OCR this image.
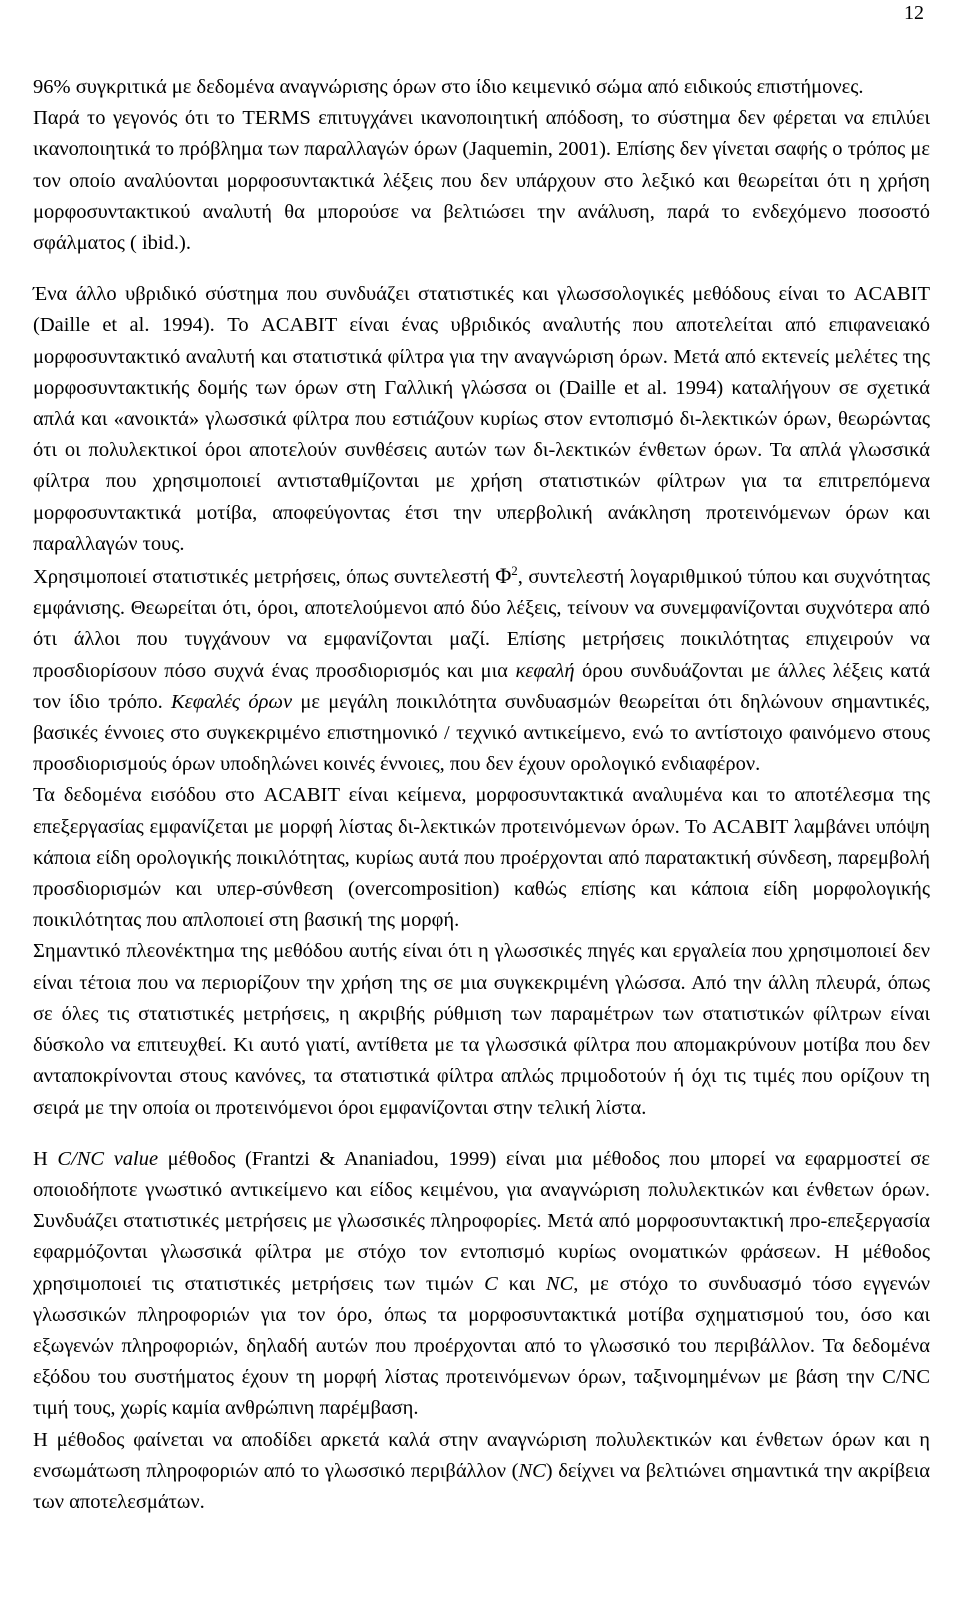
12

96% συγκριτικά με δεδομένα αναγνώρισης όρων στο ίδιο κειμενικό σώμα από ειδικούς επιστήμονες.

Παρά το γεγονός ότι το TERMS επιτυγχάνει ικανοποιητική απόδοση, το σύστημα δεν φέρεται να επιλύει ικανοποιητικά το πρόβλημα των παραλλαγών όρων (Jaquemin, 2001). Επίσης δεν γίνεται σαφής ο τρόπος με τον οποίο αναλύονται μορφοσυντακτικά λέξεις που δεν υπάρχουν στο λεξικό και θεωρείται ότι η χρήση μορφοσυντακτικού αναλυτή θα μπορούσε να βελτιώσει την ανάλυση, παρά το ενδεχόμενο ποσοστό σφάλματος ( ibid.).

Ένα άλλο υβριδικό σύστημα που συνδυάζει στατιστικές και γλωσσολογικές μεθόδους είναι το ACABIT (Daille et al. 1994). Το ACABIT είναι ένας υβριδικός αναλυτής που αποτελείται από επιφανειακό μορφοσυντακτικό αναλυτή και στατιστικά φίλτρα για την αναγνώριση όρων. Μετά από εκτενείς μελέτες της μορφοσυντακτικής δομής των όρων στη Γαλλική γλώσσα οι (Daille et al. 1994) καταλήγουν σε σχετικά απλά και «ανοικτά» γλωσσικά φίλτρα που εστιάζουν κυρίως στον εντοπισμό δι-λεκτικών όρων, θεωρώντας ότι οι πολυλεκτικοί όροι αποτελούν συνθέσεις αυτών των δι-λεκτικών ένθετων όρων. Τα απλά γλωσσικά φίλτρα που χρησιμοποιεί αντισταθμίζονται με χρήση στατιστικών φίλτρων για τα επιτρεπόμενα μορφοσυντακτικά μοτίβα, αποφεύγοντας έτσι την υπερβολική ανάκληση προτεινόμενων όρων και παραλλαγών τους.

Χρησιμοποιεί στατιστικές μετρήσεις, όπως συντελεστή $\Phi^2$, συντελεστή λογαριθμικού τύπου και συχνότητας εμφάνισης. Θεωρείται ότι, όροι, αποτελούμενοι από δύο λέξεις, τείνουν να συνεμφανίζονται συχνότερα από ότι άλλοι που τυγχάνουν να εμφανίζονται μαζί. Επίσης μετρήσεις ποικιλότητας επιχειρούν να προσδιορίσουν πόσο συχνά ένας προσδιορισμός και μια κεφαλή όρου συνδυάζονται με άλλες λέξεις κατά τον ίδιο τρόπο. Κεφαλές όρων με μεγάλη ποικιλότητα συνδυασμών θεωρείται ότι δηλώνουν σημαντικές, βασικές έννοιες στο συγκεκριμένο επιστημονικό / τεχνικό αντικείμενο, ενώ το αντίστοιχο φαινόμενο στους προσδιορισμούς όρων υποδηλώνει κοινές έννοιες, που δεν έχουν ορολογικό ενδιαφέρον.

Τα δεδομένα εισόδου στο ACABIT είναι κείμενα, μορφοσυντακτικά αναλυμένα και το αποτέλεσμα της επεξεργασίας εμφανίζεται με μορφή λίστας δι-λεκτικών προτεινόμενων όρων. Το ACABIT λαμβάνει υπόψη κάποια είδη ορολογικής ποικιλότητας, κυρίως αυτά που προέρχονται από παρατακτική σύνδεση, παρεμβολή προσδιορισμών και υπερ-σύνθεση (overcomposition) καθώς επίσης και κάποια είδη μορφολογικής ποικιλότητας που απλοποιεί στη βασική της μορφή.

Σημαντικό πλεονέκτημα της μεθόδου αυτής είναι ότι η γλωσσικές πηγές και εργαλεία που χρησιμοποιεί δεν είναι τέτοια που να περιορίζουν την χρήση της σε μια συγκεκριμένη γλώσσα. Από την άλλη πλευρά, όπως σε όλες τις στατιστικές μετρήσεις, η ακριβής ρύθμιση των παραμέτρων των στατιστικών φίλτρων είναι δύσκολο να επιτευχθεί. Κι αυτό γιατί, αντίθετα με τα γλωσσικά φίλτρα που απομακρύνουν μοτίβα που δεν ανταποκρίνονται στους κανόνες, τα στατιστικά φίλτρα απλώς πριμοδοτούν ή όχι τις τιμές που ορίζουν τη σειρά με την οποία οι προτεινόμενοι όροι εμφανίζονται στην τελική λίστα.

Η C/NC value μέθοδος (Frantzi & Ananiadou, 1999) είναι μια μέθοδος που μπορεί να εφαρμοστεί σε οποιοδήποτε γνωστικό αντικείμενο και είδος κειμένου, για αναγνώριση πολυλεκτικών και ένθετων όρων. Συνδυάζει στατιστικές μετρήσεις με γλωσσικές πληροφορίες. Μετά από μορφοσυντακτική προ-επεξεργασία εφαρμόζονται γλωσσικά φίλτρα με στόχο τον εντοπισμό κυρίως ονοματικών φράσεων. Η μέθοδος χρησιμοποιεί τις στατιστικές μετρήσεις των τιμών C και NC, με στόχο το συνδυασμό τόσο εγγενών γλωσσικών πληροφοριών για τον όρο, όπως τα μορφοσυντακτικά μοτίβα σχηματισμού του, όσο και εξωγενών πληροφοριών, δηλαδή αυτών που προέρχονται από το γλωσσικό του περιβάλλον. Τα δεδομένα εξόδου του συστήματος έχουν τη μορφή λίστας προτεινόμενων όρων, ταξινομημένων με βάση την C/NC τιμή τους, χωρίς καμία ανθρώπινη παρέμβαση.

Η μέθοδος φαίνεται να αποδίδει αρκετά καλά στην αναγνώριση πολυλεκτικών και ένθετων όρων και η ενσωμάτωση πληροφοριών από το γλωσσικό περιβάλλον (NC) δείχνει να βελτιώνει σημαντικά την ακρίβεια των αποτελεσμάτων.
